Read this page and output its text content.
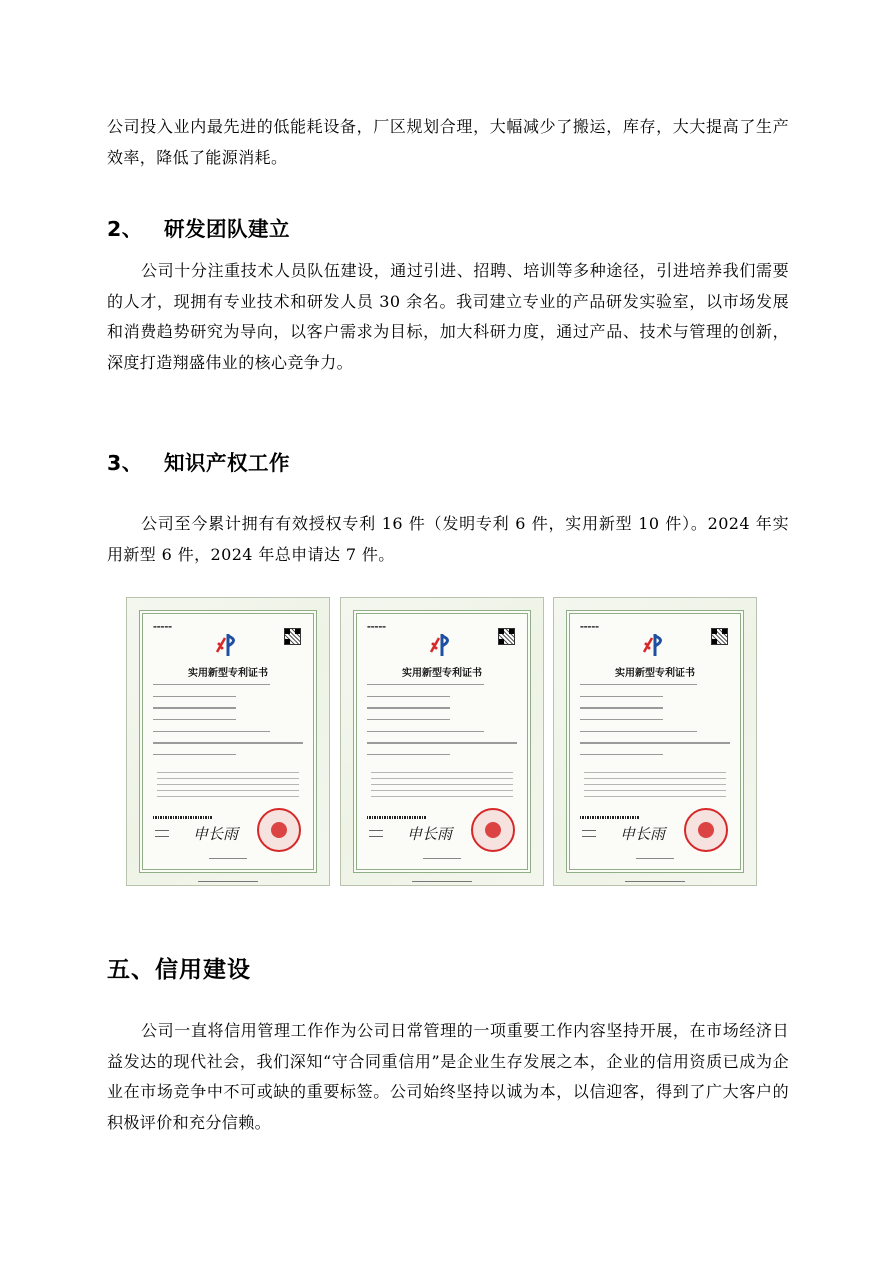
公司投入业内最先进的低能耗设备，厂区规划合理，大幅减少了搬运，库存，大大提高了生产效率，降低了能源消耗。

2、 研发团队建立

公司十分注重技术人员队伍建设，通过引进、招聘、培训等多种途径，引进培养我们需要的人才，现拥有专业技术和研发人员 30 余名。我司建立专业的产品研发实验室，以市场发展和消费趋势研究为导向，以客户需求为目标，加大科研力度，通过产品、技术与管理的创新，深度打造翔盛伟业的核心竞争力。

3、 知识产权工作

公司至今累计拥有有效授权专利 16 件（发明专利 6 件，实用新型 10 件）。2024 年实用新型 6 件，2024 年总申请达 7 件。

▬▬▬▬▬
实用新型专利证书
申长雨
▬▬▬▬▬
实用新型专利证书
申长雨
▬▬▬▬▬
实用新型专利证书
申长雨
五、信用建设

公司一直将信用管理工作作为公司日常管理的一项重要工作内容坚持开展，在市场经济日益发达的现代社会，我们深知“守合同重信用”是企业生存发展之本，企业的信用资质已成为企业在市场竞争中不可或缺的重要标签。公司始终坚持以诚为本，以信迎客，得到了广大客户的积极评价和充分信赖。
